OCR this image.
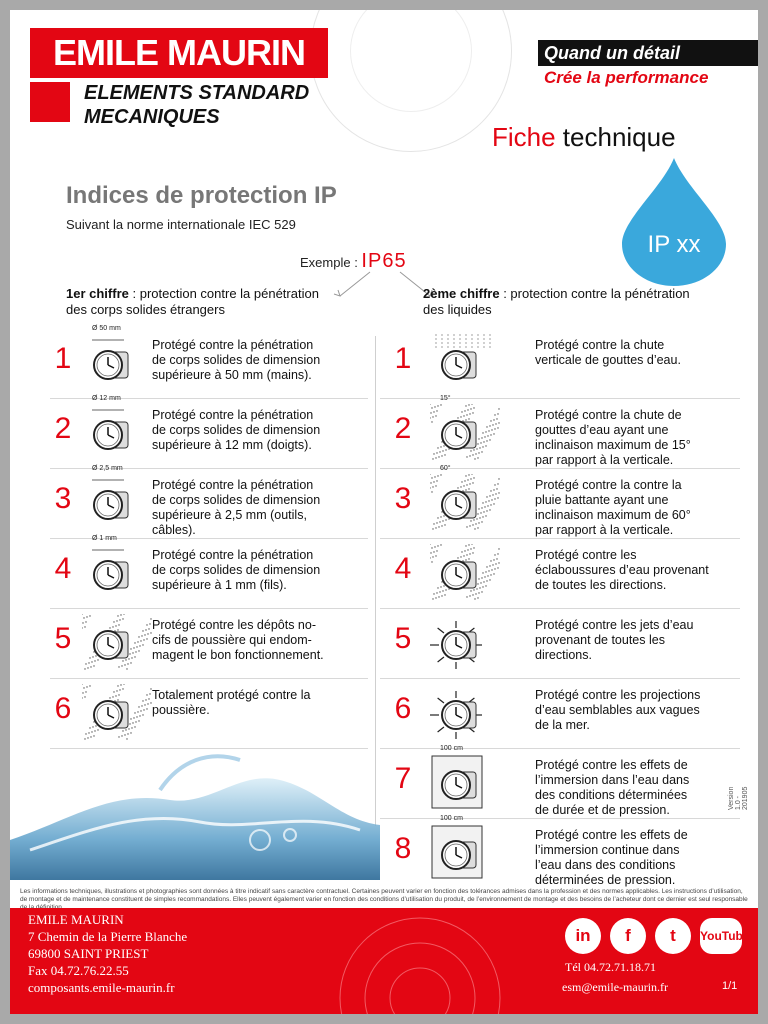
EMILE MAURIN
ELEMENTS STANDARD
MECANIQUES
Quand un détail
Crée la performance
Fiche technique
IP xx
Indices de protection IP
Suivant la norme internationale IEC 529
Exemple : IP65
1er chiffre : protection contre la pénétration
des corps solides étrangers
2ème chiffre : protection contre la pénétration
des liquides
1
Ø 50 mm
Protégé contre la pénétration
de corps solides de dimension
supérieure à 50 mm (mains).
2
Ø 12 mm
Protégé contre la pénétration
de corps solides de dimension
supérieure à 12 mm (doigts).
3
Ø 2,5 mm
Protégé contre la pénétration
de corps solides de dimension
supérieure à 2,5 mm (outils,
câbles).
4
Ø 1 mm
Protégé contre la pénétration
de corps solides de dimension
supérieure à 1 mm (fils).
5	Protégé contre les dépôts no-
cifs de poussière qui endom-
magent le bon fonctionnement.
6	Totalement protégé contre la
poussière.
1	Protégé contre la chute
verticale de gouttes d’eau.
2
15°
Protégé contre la chute de
gouttes d’eau ayant une
inclinaison maximum de 15°
par rapport à la verticale.
3
60°
Protégé contre la contre la
pluie battante ayant une
inclinaison maximum de 60°
par rapport à la verticale.
4	Protégé contre les
éclaboussures d’eau provenant
de toutes les directions.
5	Protégé contre les jets d’eau
provenant de toutes les
directions.
6	Protégé contre les projections
d’eau semblables aux vagues
de la mer.
7
100 cm
Protégé contre les effets de
l’immersion dans l’eau dans
des conditions déterminées
de durée et de pression.
8
100 cm
Protégé contre les effets de
l’immersion continue dans
l’eau dans des conditions
déterminées de pression.
Les informations techniques, illustrations et photographies sont données à titre indicatif sans caractère contractuel. Certaines peuvent varier en fonction des tolérances admises dans la profession et des normes applicables. Les instructions d’utilisation, de montage et de maintenance constituent de simples recommandations. Elles peuvent également varier en fonction des conditions d’utilisation du produit, de l’environnement de montage et des besoins de l’acheteur dont ce dernier est seul responsable
Version 1.0 - 201905
EMILE MAURIN
7 Chemin de la Pierre Blanche
69800 SAINT PRIEST
Fax 04.72.76.22.55
composants.emile-maurin.fr
in	f	t	YouTube
Tél 04.72.71.18.71
esm@emile-maurin.fr	1/1
